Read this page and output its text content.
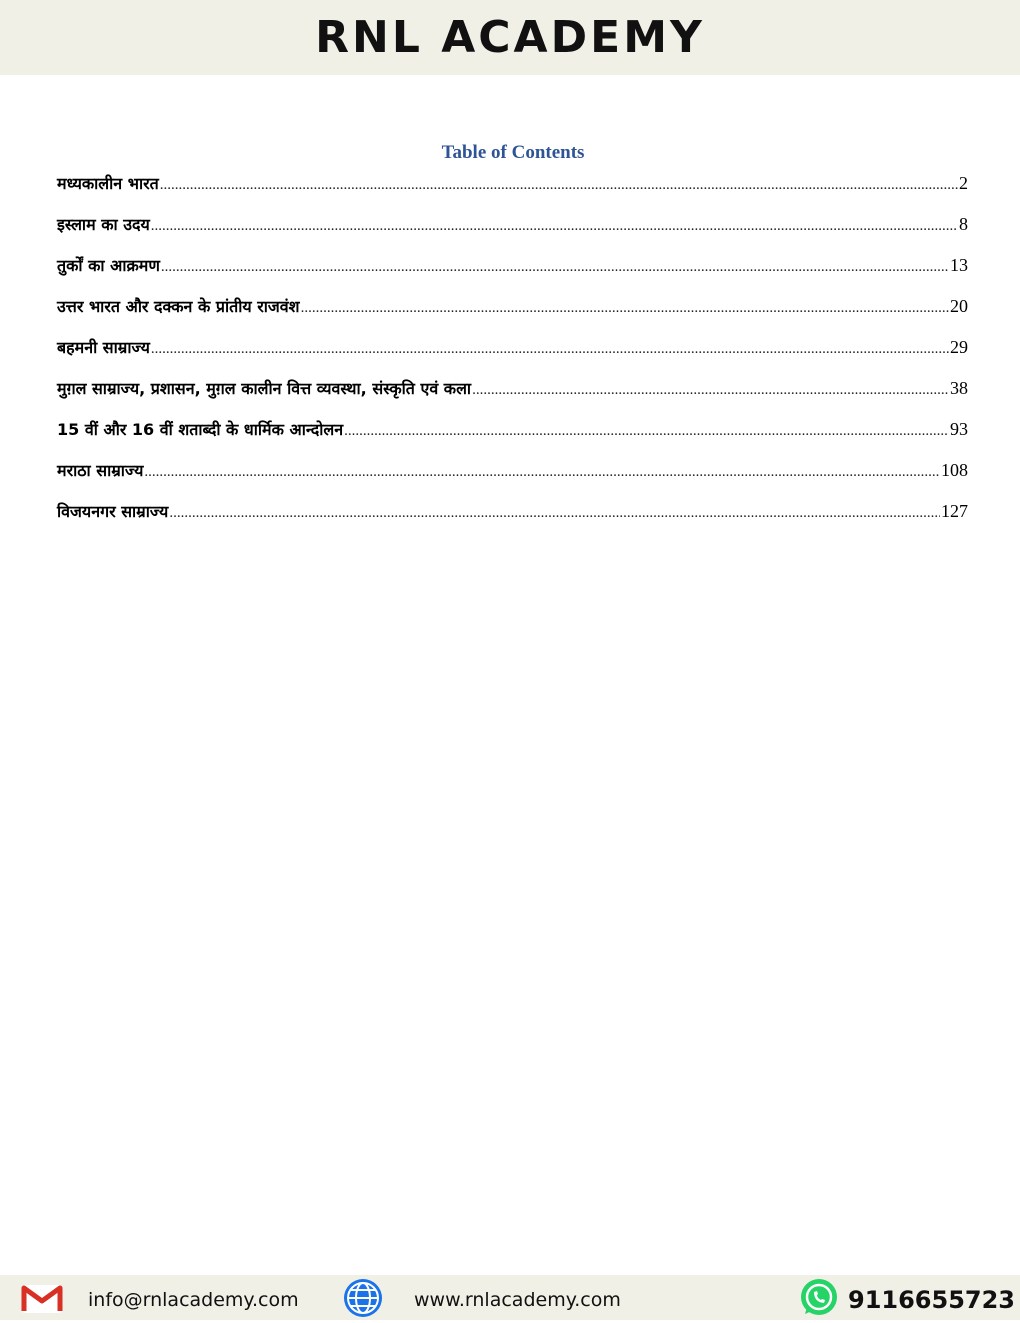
RNL ACADEMY
Table of Contents
मध्यकालीन भारत .....	2
इस्लाम का उदय .....	8
तुर्कों का आक्रमण .....	13
उत्तर भारत और दक्कन के प्रांतीय राजवंश .....	20
बहमनी साम्राज्य .....	29
मुग़ल साम्राज्य, प्रशासन, मुग़ल कालीन वित्त व्यवस्था, संस्कृति एवं कला .....	38
15 वीं और 16 वीं शताब्दी के धार्मिक आन्दोलन .....	93
मराठा साम्राज्य .....	108
विजयनगर साम्राज्य .....	127
info@rnlacademy.com	www.rnlacademy.com	9116655723
